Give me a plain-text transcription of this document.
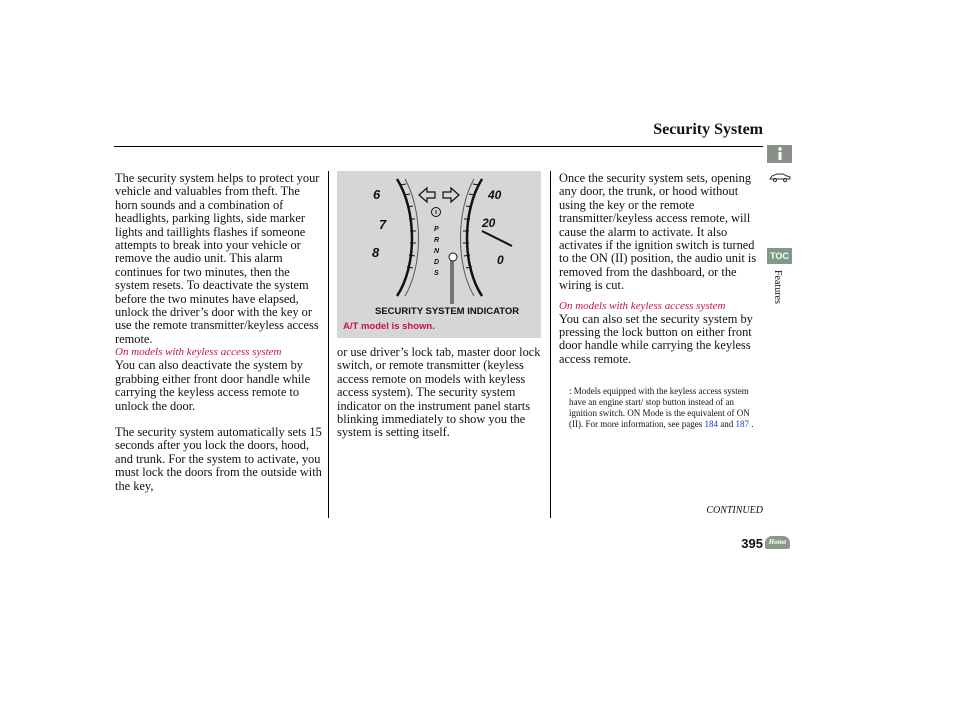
Security System

The security system helps to protect your vehicle and valuables from theft. The horn sounds and a combination of headlights, parking lights, side marker lights and taillights flashes if someone attempts to break into your vehicle or remove the audio unit. This alarm continues for two minutes, then the system resets. To deactivate the system before the two minutes have elapsed, unlock the driver’s door with the key or use the remote transmitter/keyless access remote.

On models with keyless access system

You can also deactivate the system by grabbing either front door handle while carrying the keyless access remote to unlock the door.

The security system automatically sets 15 seconds after you lock the doors, hood, and trunk. For the system to activate, you must lock the doors from the outside with the key,

6
7
8
40
20
0
P
R
N
D
S
SECURITY SYSTEM INDICATOR
A/T model is shown.

or use driver’s lock tab, master door lock switch, or remote transmitter (keyless access remote on models with keyless access system). The security system indicator on the instrument panel starts blinking immediately to show you the system is setting itself.

Once the security system sets, opening any door, the trunk, or hood without using the key or the remote transmitter/keyless access remote, will cause the alarm to activate. It also activates if the ignition switch is turned to the ON (II) position, the audio unit is removed from the dashboard, or the wiring is cut.

On models with keyless access system

You can also set the security system by pressing the lock button on either front door handle while carrying the keyless access remote.

: Models equipped with the keyless access system have an engine start/ stop button instead of an ignition switch. ON Mode is the equivalent of ON (II). For more information, see pages 184 and 187 .
CONTINUED
395 Home
TOC
Features
